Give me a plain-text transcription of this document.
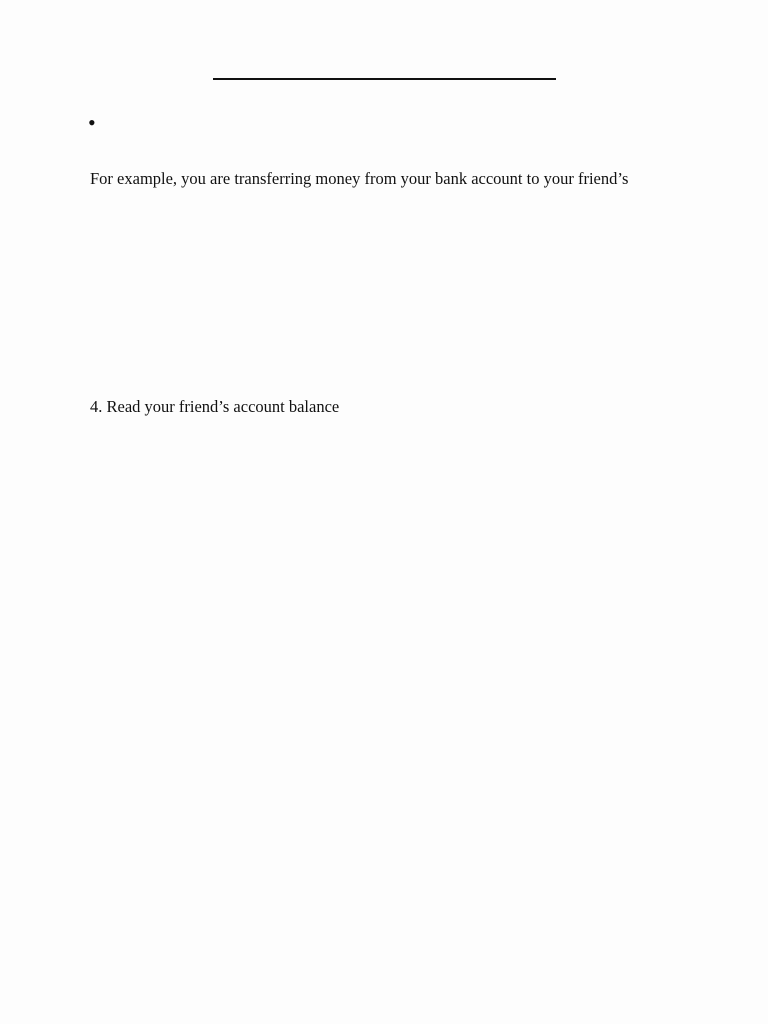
•
For example, you are transferring money from your bank account to your friend’s
4. Read your friend’s account balance
